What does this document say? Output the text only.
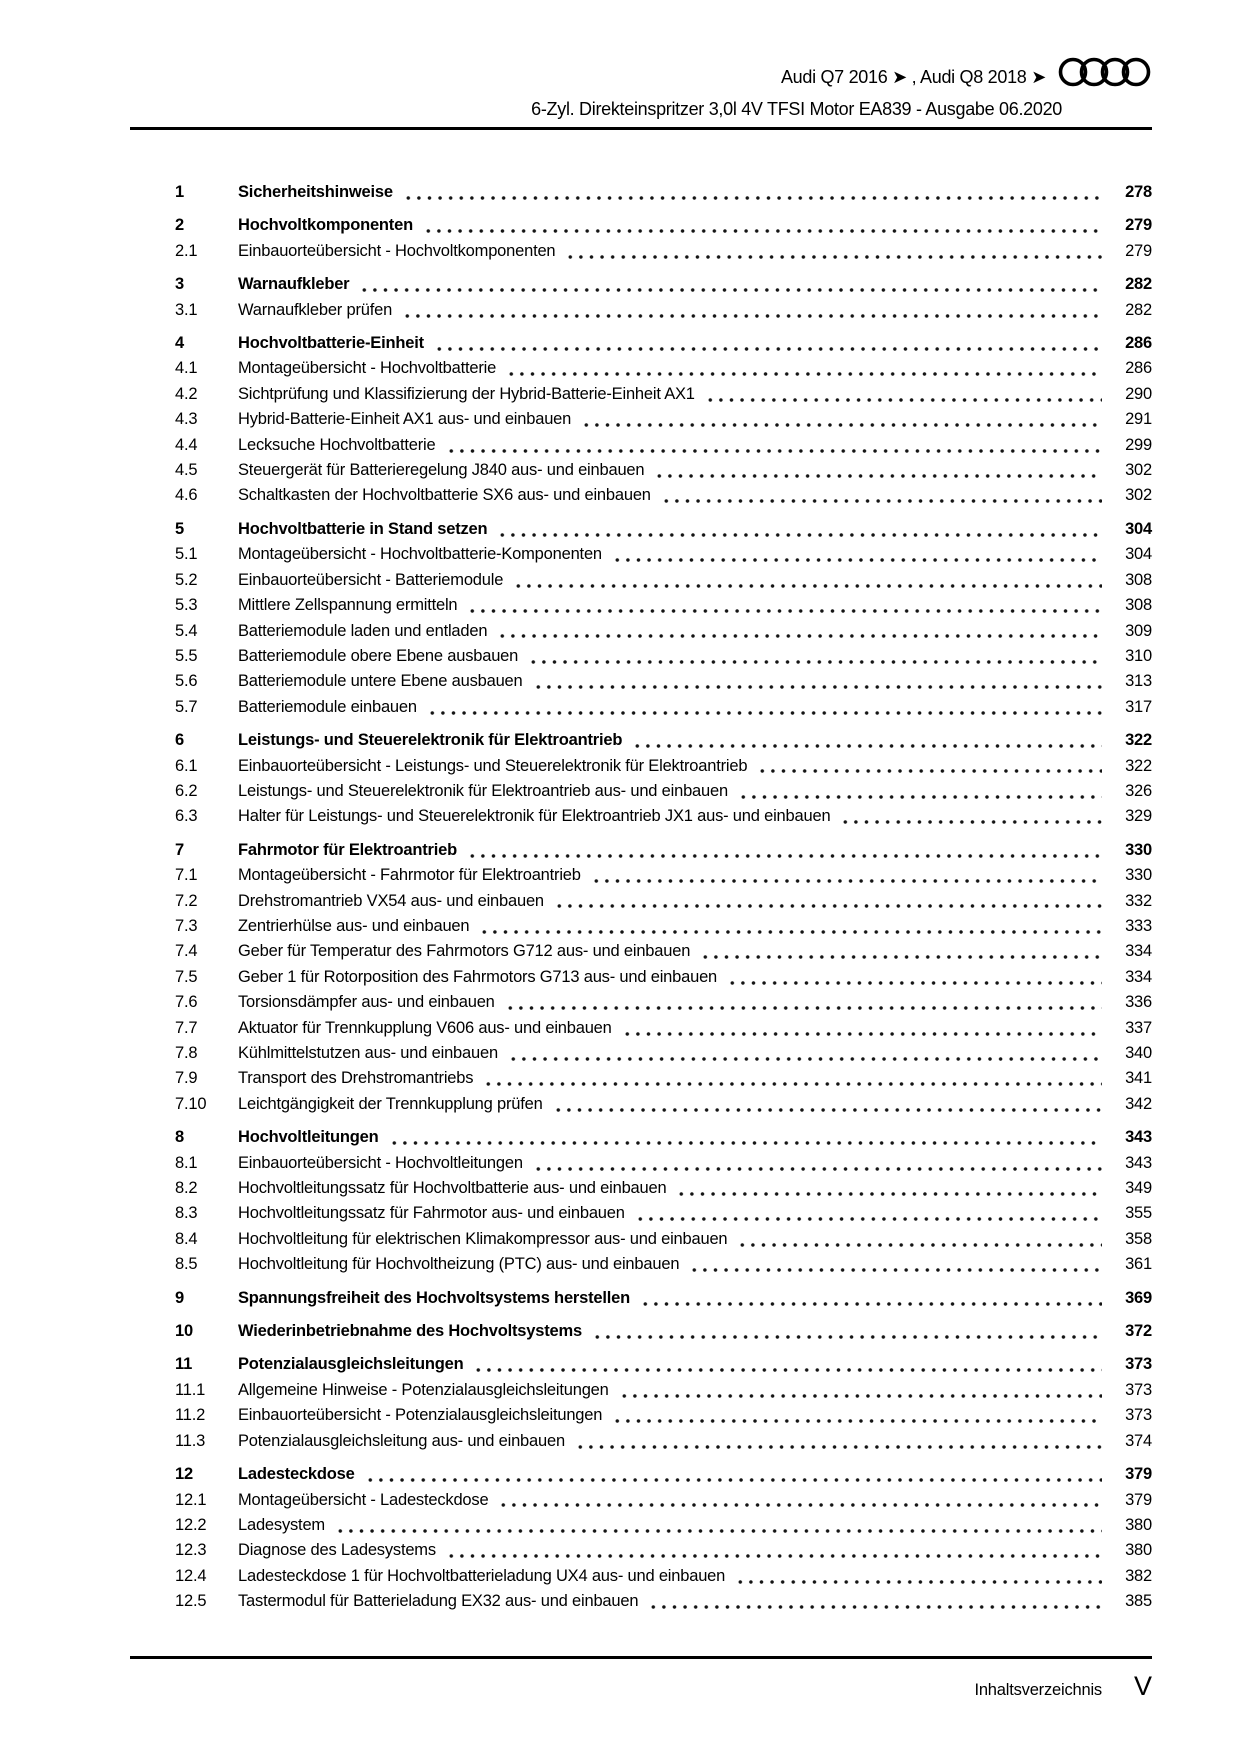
Audi Q7 2016 ➤ , Audi Q8 2018 ➤
6-Zyl. Direkteinspritzer 3,0l 4V TFSI Motor EA839 - Ausgabe 06.2020
1	Sicherheitshinweise	278
2	Hochvoltkomponenten	279
2.1	Einbauorteübersicht - Hochvoltkomponenten	279
3	Warnaufkleber	282
3.1	Warnaufkleber prüfen	282
4	Hochvoltbatterie-Einheit	286
4.1	Montageübersicht - Hochvoltbatterie	286
4.2	Sichtprüfung und Klassifizierung der Hybrid-Batterie-Einheit AX1	290
4.3	Hybrid-Batterie-Einheit AX1 aus- und einbauen	291
4.4	Lecksuche Hochvoltbatterie	299
4.5	Steuergerät für Batterieregelung J840 aus- und einbauen	302
4.6	Schaltkasten der Hochvoltbatterie SX6 aus- und einbauen	302
5	Hochvoltbatterie in Stand setzen	304
5.1	Montageübersicht - Hochvoltbatterie-Komponenten	304
5.2	Einbauorteübersicht - Batteriemodule	308
5.3	Mittlere Zellspannung ermitteln	308
5.4	Batteriemodule laden und entladen	309
5.5	Batteriemodule obere Ebene ausbauen	310
5.6	Batteriemodule untere Ebene ausbauen	313
5.7	Batteriemodule einbauen	317
6	Leistungs- und Steuerelektronik für Elektroantrieb	322
6.1	Einbauorteübersicht - Leistungs- und Steuerelektronik für Elektroantrieb	322
6.2	Leistungs- und Steuerelektronik für Elektroantrieb aus- und einbauen	326
6.3	Halter für Leistungs- und Steuerelektronik für Elektroantrieb JX1 aus- und einbauen	329
7	Fahrmotor für Elektroantrieb	330
7.1	Montageübersicht - Fahrmotor für Elektroantrieb	330
7.2	Drehstromantrieb VX54 aus- und einbauen	332
7.3	Zentrierhülse aus- und einbauen	333
7.4	Geber für Temperatur des Fahrmotors G712 aus- und einbauen	334
7.5	Geber 1 für Rotorposition des Fahrmotors G713 aus- und einbauen	334
7.6	Torsionsdämpfer aus- und einbauen	336
7.7	Aktuator für Trennkupplung V606 aus- und einbauen	337
7.8	Kühlmittelstutzen aus- und einbauen	340
7.9	Transport des Drehstromantriebs	341
7.10	Leichtgängigkeit der Trennkupplung prüfen	342
8	Hochvoltleitungen	343
8.1	Einbauorteübersicht - Hochvoltleitungen	343
8.2	Hochvoltleitungssatz für Hochvoltbatterie aus- und einbauen	349
8.3	Hochvoltleitungssatz für Fahrmotor aus- und einbauen	355
8.4	Hochvoltleitung für elektrischen Klimakompressor aus- und einbauen	358
8.5	Hochvoltleitung für Hochvoltheizung (PTC) aus- und einbauen	361
9	Spannungsfreiheit des Hochvoltsystems herstellen	369
10	Wiederinbetriebnahme des Hochvoltsystems	372
11	Potenzialausgleichsleitungen	373
11.1	Allgemeine Hinweise - Potenzialausgleichsleitungen	373
11.2	Einbauorteübersicht - Potenzialausgleichsleitungen	373
11.3	Potenzialausgleichsleitung aus- und einbauen	374
12	Ladesteckdose	379
12.1	Montageübersicht - Ladesteckdose	379
12.2	Ladesystem	380
12.3	Diagnose des Ladesystems	380
12.4	Ladesteckdose 1 für Hochvoltbatterieladung UX4 aus- und einbauen	382
12.5	Tastermodul für Batterieladung EX32 aus- und einbauen	385
Inhaltsverzeichnis V
